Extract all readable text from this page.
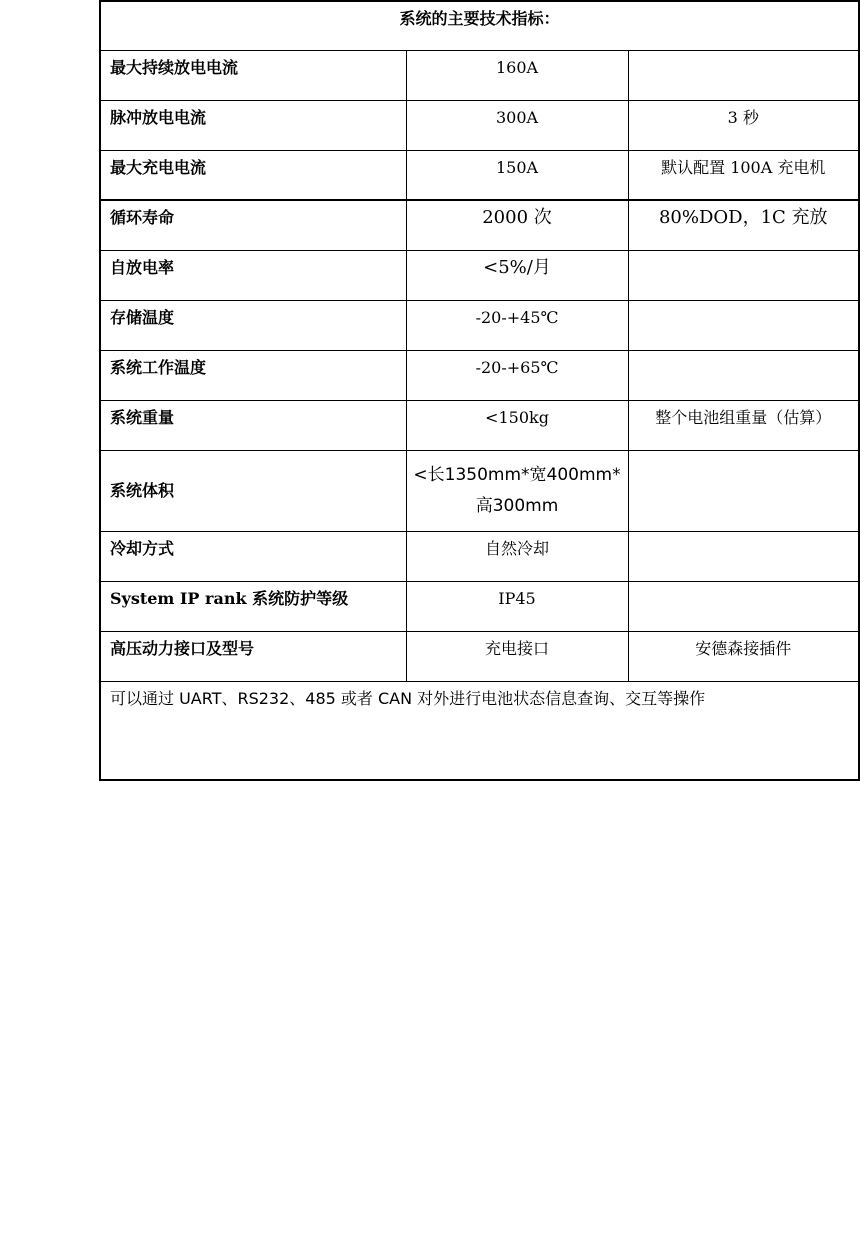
系统的主要技术指标：		
最大持续放电电流	160A	
脉冲放电电流	300A	3 秒
最大充电电流	150A	默认配置 100A 充电机
循环寿命	2000 次	80%DOD，1C 充放
自放电率	<5%/月	
存储温度	-20-+45℃	
系统工作温度	-20-+65℃	
系统重量	<150kg	整个电池组重量（估算）
系统体积	<长1350mm*宽400mm*高300mm	
冷却方式	自然冷却	
System IP rank 系统防护等级	IP45	
高压动力接口及型号	充电接口	安德森接插件
可以通过 UART、RS232、485 或者 CAN 对外进行电池状态信息查询、交互等操作		
